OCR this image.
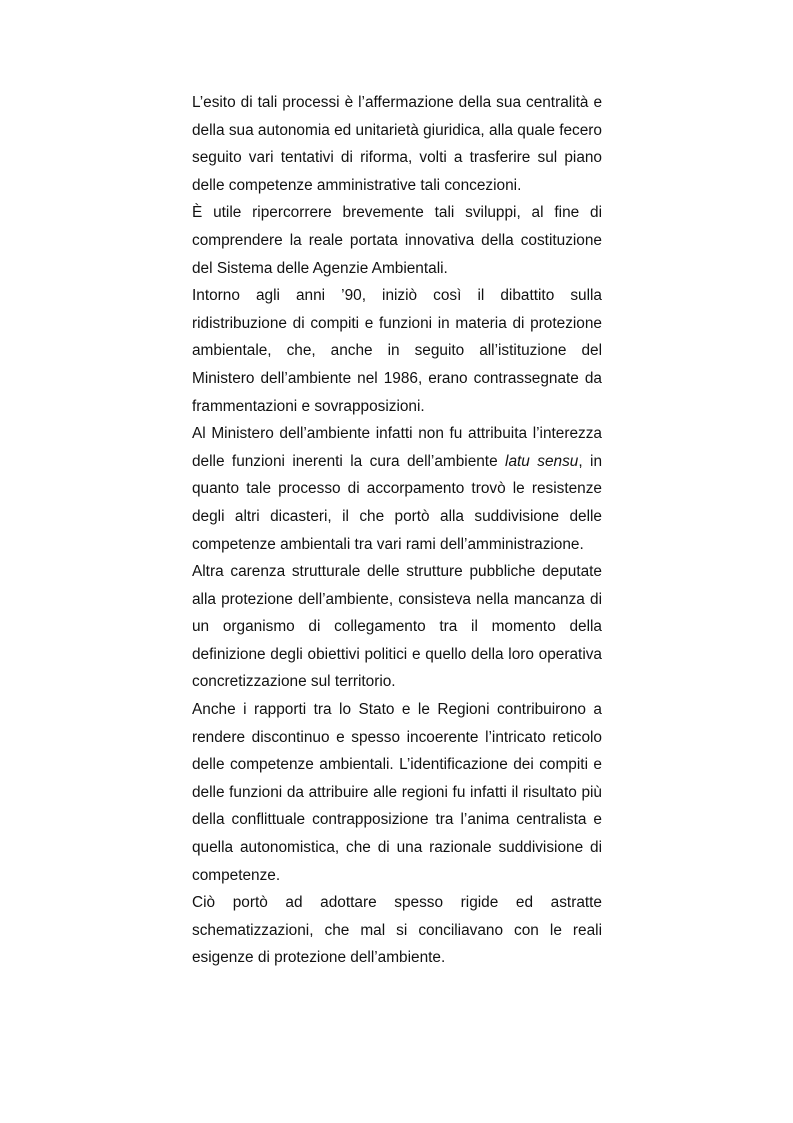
L’esito di tali processi è l’affermazione della sua centralità e della sua autonomia ed unitarietà giuridica, alla quale fecero seguito vari tentativi di riforma, volti a trasferire sul piano delle competenze amministrative tali concezioni.

È utile ripercorrere brevemente tali sviluppi, al fine di comprendere la reale portata innovativa della costituzione del Sistema delle Agenzie Ambientali.

Intorno agli anni ’90, iniziò così il dibattito sulla ridistribuzione di compiti e funzioni in materia di protezione ambientale, che, anche in seguito all’istituzione del Ministero dell’ambiente nel 1986, erano contrassegnate da frammentazioni e sovrapposizioni.

Al Ministero dell’ambiente infatti non fu attribuita l’interezza delle funzioni inerenti la cura dell’ambiente latu sensu, in quanto tale processo di accorpamento trovò le resistenze degli altri dicasteri, il che portò alla suddivisione delle competenze ambientali tra vari rami dell’amministrazione.

Altra carenza strutturale delle strutture pubbliche deputate alla protezione dell’ambiente, consisteva nella mancanza di un organismo di collegamento tra il momento della definizione degli obiettivi politici e quello della loro operativa concretizzazione sul territorio.

Anche i rapporti tra lo Stato e le Regioni contribuirono a rendere discontinuo e spesso incoerente l’intricato reticolo delle competenze ambientali. L’identificazione dei compiti e delle funzioni da attribuire alle regioni fu infatti il risultato più della conflittuale contrapposizione tra l’anima centralista e quella autonomistica, che di una razionale suddivisione di competenze.

Ciò portò ad adottare spesso rigide ed astratte schematizzazioni, che mal si conciliavano con le reali esigenze di protezione dell’ambiente.
